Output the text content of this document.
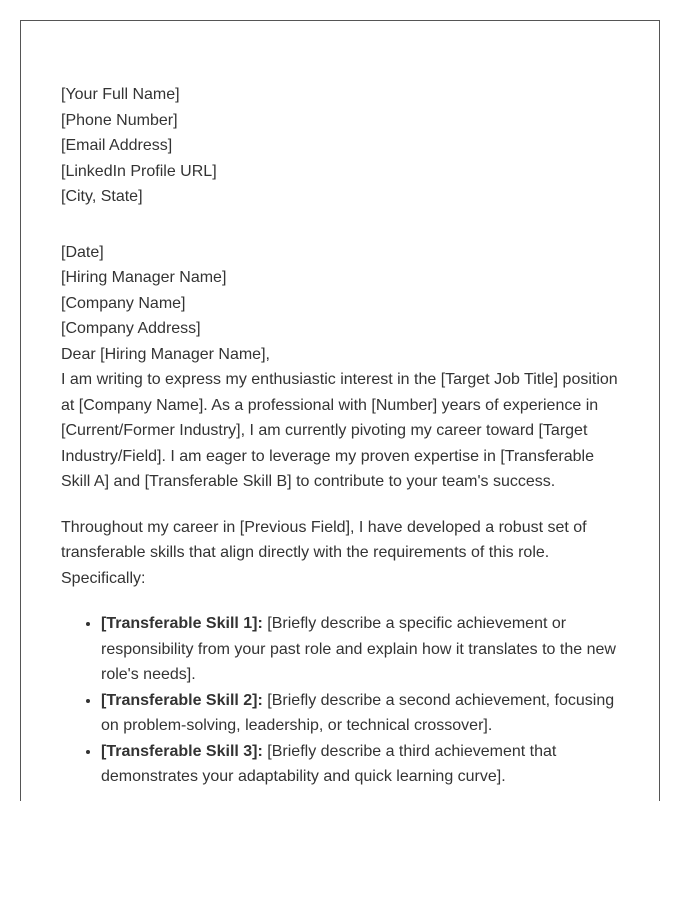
[Your Full Name]
[Phone Number]
[Email Address]
[LinkedIn Profile URL]
[City, State]
[Date]
[Hiring Manager Name]
[Company Name]
[Company Address]
Dear [Hiring Manager Name],

I am writing to express my enthusiastic interest in the [Target Job Title] position at [Company Name]. As a professional with [Number] years of experience in [Current/Former Industry], I am currently pivoting my career toward [Target Industry/Field]. I am eager to leverage my proven expertise in [Transferable Skill A] and [Transferable Skill B] to contribute to your team's success.

Throughout my career in [Previous Field], I have developed a robust set of transferable skills that align directly with the requirements of this role. Specifically:

• [Transferable Skill 1]: [Briefly describe a specific achievement or responsibility from your past role and explain how it translates to the new role's needs].
• [Transferable Skill 2]: [Briefly describe a second achievement, focusing on problem-solving, leadership, or technical crossover].
• [Transferable Skill 3]: [Briefly describe a third achievement that demonstrates your adaptability and quick learning curve].
